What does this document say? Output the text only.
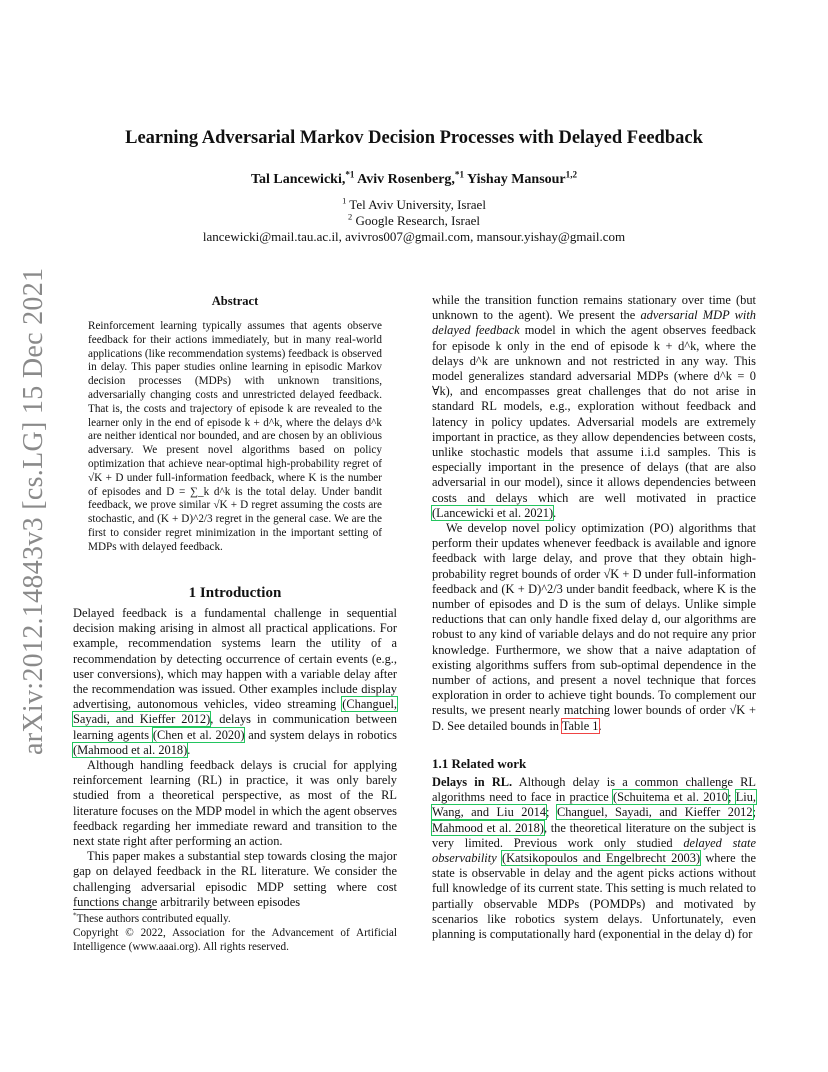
arXiv:2012.14843v3 [cs.LG] 15 Dec 2021
Learning Adversarial Markov Decision Processes with Delayed Feedback
Tal Lancewicki,$^{*1}$ Aviv Rosenberg,$^{*1}$ Yishay Mansour$^{1,2}$
$^1$ Tel Aviv University, Israel
$^2$ Google Research, Israel
lancewicki@mail.tau.ac.il, avivros007@gmail.com, mansour.yishay@gmail.com
Abstract
Reinforcement learning typically assumes that agents observe feedback for their actions immediately, but in many real-world applications (like recommendation systems) feedback is observed in delay. This paper studies online learning in episodic Markov decision processes (MDPs) with unknown transitions, adversarially changing costs and unrestricted delayed feedback. That is, the costs and trajectory of episode k are revealed to the learner only in the end of episode k + d^k, where the delays d^k are neither identical nor bounded, and are chosen by an oblivious adversary. We present novel algorithms based on policy optimization that achieve near-optimal high-probability regret of √K + D under full-information feedback, where K is the number of episodes and D = ∑_k d^k is the total delay. Under bandit feedback, we prove similar √K + D regret assuming the costs are stochastic, and (K + D)^2/3 regret in the general case. We are the first to consider regret minimization in the important setting of MDPs with delayed feedback.
1 Introduction

Delayed feedback is a fundamental challenge in sequential decision making arising in almost all practical applications. For example, recommendation systems learn the utility of a recommendation by detecting occurrence of certain events (e.g., user conversions), which may happen with a variable delay after the recommendation was issued. Other examples include display advertising, autonomous vehicles, video streaming (Changuel, Sayadi, and Kieffer 2012), delays in communication between learning agents (Chen et al. 2020) and system delays in robotics (Mahmood et al. 2018).

Although handling feedback delays is crucial for applying reinforcement learning (RL) in practice, it was only barely studied from a theoretical perspective, as most of the RL literature focuses on the MDP model in which the agent observes feedback regarding her immediate reward and transition to the next state right after performing an action.

This paper makes a substantial step towards closing the major gap on delayed feedback in the RL literature. We consider the challenging adversarial episodic MDP setting where cost functions change arbitrarily between episodes

*These authors contributed equally.
Copyright © 2022, Association for the Advancement of Artificial Intelligence (www.aaai.org). All rights reserved.

while the transition function remains stationary over time (but unknown to the agent). We present the adversarial MDP with delayed feedback model in which the agent observes feedback for episode k only in the end of episode k + d^k, where the delays d^k are unknown and not restricted in any way. This model generalizes standard adversarial MDPs (where d^k = 0 ∀k), and encompasses great challenges that do not arise in standard RL models, e.g., exploration without feedback and latency in policy updates. Adversarial models are extremely important in practice, as they allow dependencies between costs, unlike stochastic models that assume i.i.d samples. This is especially important in the presence of delays (that are also adversarial in our model), since it allows dependencies between costs and delays which are well motivated in practice (Lancewicki et al. 2021).

We develop novel policy optimization (PO) algorithms that perform their updates whenever feedback is available and ignore feedback with large delay, and prove that they obtain high-probability regret bounds of order √K + D under full-information feedback and (K + D)^2/3 under bandit feedback, where K is the number of episodes and D is the sum of delays. Unlike simple reductions that can only handle fixed delay d, our algorithms are robust to any kind of variable delays and do not require any prior knowledge. Furthermore, we show that a naive adaptation of existing algorithms suffers from sub-optimal dependence in the number of actions, and present a novel technique that forces exploration in order to achieve tight bounds. To complement our results, we present nearly matching lower bounds of order √K + D. See detailed bounds in Table 1.

1.1 Related work

Delays in RL. Although delay is a common challenge RL algorithms need to face in practice (Schuitema et al. 2010; Liu, Wang, and Liu 2014; Changuel, Sayadi, and Kieffer 2012; Mahmood et al. 2018), the theoretical literature on the subject is very limited. Previous work only studied delayed state observability (Katsikopoulos and Engelbrecht 2003) where the state is observable in delay and the agent picks actions without full knowledge of its current state. This setting is much related to partially observable MDPs (POMDPs) and motivated by scenarios like robotics system delays. Unfortunately, even planning is computationally hard (exponential in the delay d) for
